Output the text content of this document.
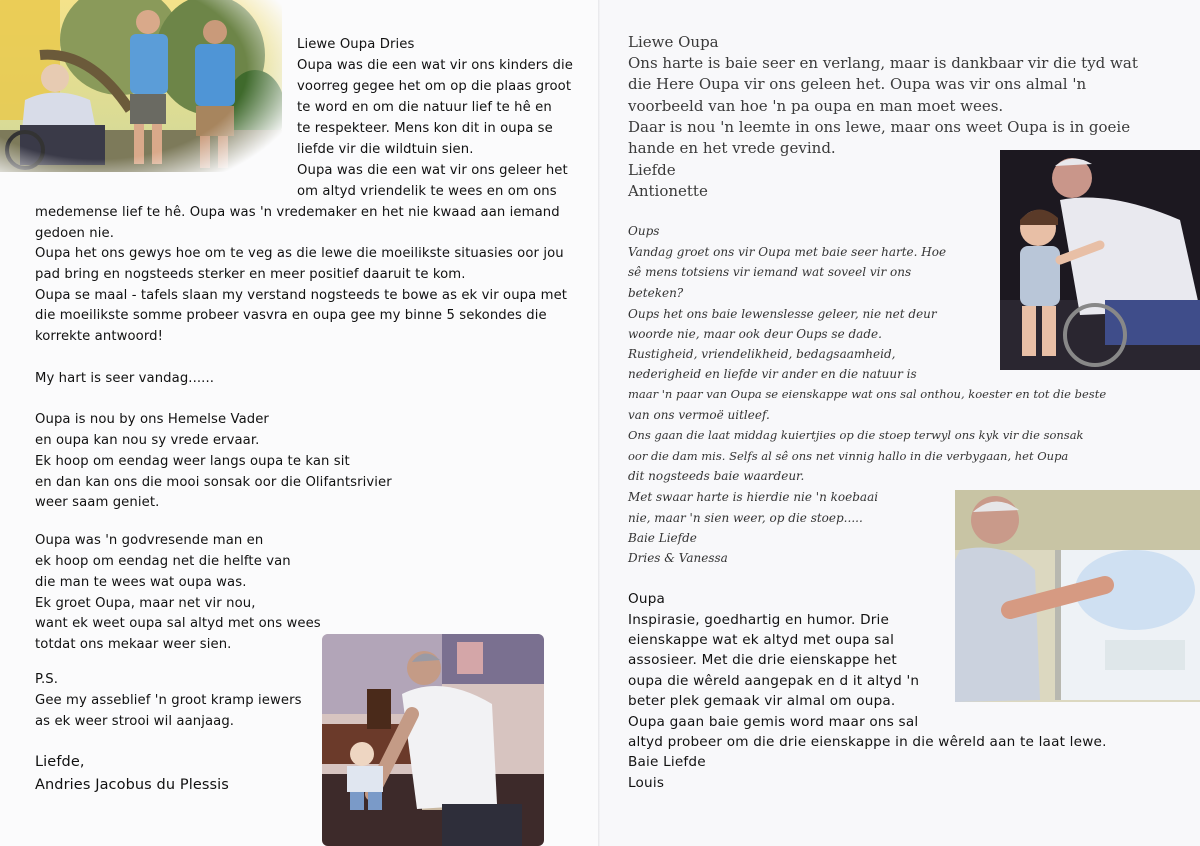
Liewe Oupa Dries
Oupa was die een wat vir ons kinders die
voorreg gegee het om op die plaas groot
te word en om die natuur lief te hê en
te respekteer. Mens kon dit in oupa se
liefde vir die wildtuin sien.
Oupa was die een wat vir ons geleer het
om altyd vriendelik te wees en om ons
medemense lief te hê. Oupa was 'n vredemaker en het nie kwaad aan iemand
gedoen nie.
Oupa het ons gewys hoe om te veg as die lewe die moeilikste situasies oor jou
pad bring en nogsteeds sterker en meer positief daaruit te kom.
Oupa se maal - tafels slaan my verstand nogsteeds te bowe as ek vir oupa met
die moeilikste somme probeer vasvra en oupa gee my binne 5 sekondes die
korrekte antwoord!
My hart is seer vandag......
Oupa is nou by ons Hemelse Vader
en oupa kan nou sy vrede ervaar.
Ek hoop om eendag weer langs oupa te kan sit
en dan kan ons die mooi sonsak oor die Olifantsrivier
weer saam geniet.
Oupa was 'n godvresende man en
ek hoop om eendag net die helfte van
die man te wees wat oupa was.
Ek groet Oupa, maar net vir nou,
want ek weet oupa sal altyd met ons wees
totdat ons mekaar weer sien.
P.S.
Gee my asseblief 'n groot kramp iewers
as ek weer strooi wil aanjaag.
Liefde,
Andries Jacobus du Plessis
Liewe Oupa
Ons harte is baie seer en verlang, maar is dankbaar vir die tyd wat
die Here Oupa vir ons geleen het. Oupa was vir ons almal 'n
voorbeeld van hoe 'n pa oupa en man moet wees.
Daar is nou 'n leemte in ons lewe, maar ons weet Oupa is in goeie
hande en het vrede gevind.
Liefde
Antionette
Oups
Vandag groet ons vir Oupa met baie seer harte. Hoe
sê mens totsiens vir iemand wat soveel vir ons
beteken?
Oups het ons baie lewenslesse geleer, nie net deur
woorde nie, maar ook deur Oups se dade.
Rustigheid, vriendelikheid, bedagsaamheid,
nederigheid en liefde vir ander en die natuur is
maar 'n paar van Oupa se eienskappe wat ons sal onthou, koester en tot die beste
van ons vermoë uitleef.
Ons gaan die laat middag kuiertjies op die stoep terwyl ons kyk vir die sonsak
oor die dam mis. Selfs al sê ons net vinnig hallo in die verbygaan, het Oupa
dit nogsteeds baie waardeur.
Met swaar harte is hierdie nie 'n koebaai
nie, maar 'n sien weer, op die stoep.....
Baie Liefde
Dries & Vanessa
Oupa
Inspirasie, goedhartig en humor. Drie
eienskappe wat ek altyd met oupa sal
assosieer. Met die drie eienskappe het
oupa die wêreld aangepak en d it altyd 'n
beter plek gemaak vir almal om oupa.
Oupa gaan baie gemis word maar ons sal
altyd probeer om die drie eienskappe in die wêreld aan te laat lewe.
Baie Liefde
Louis
